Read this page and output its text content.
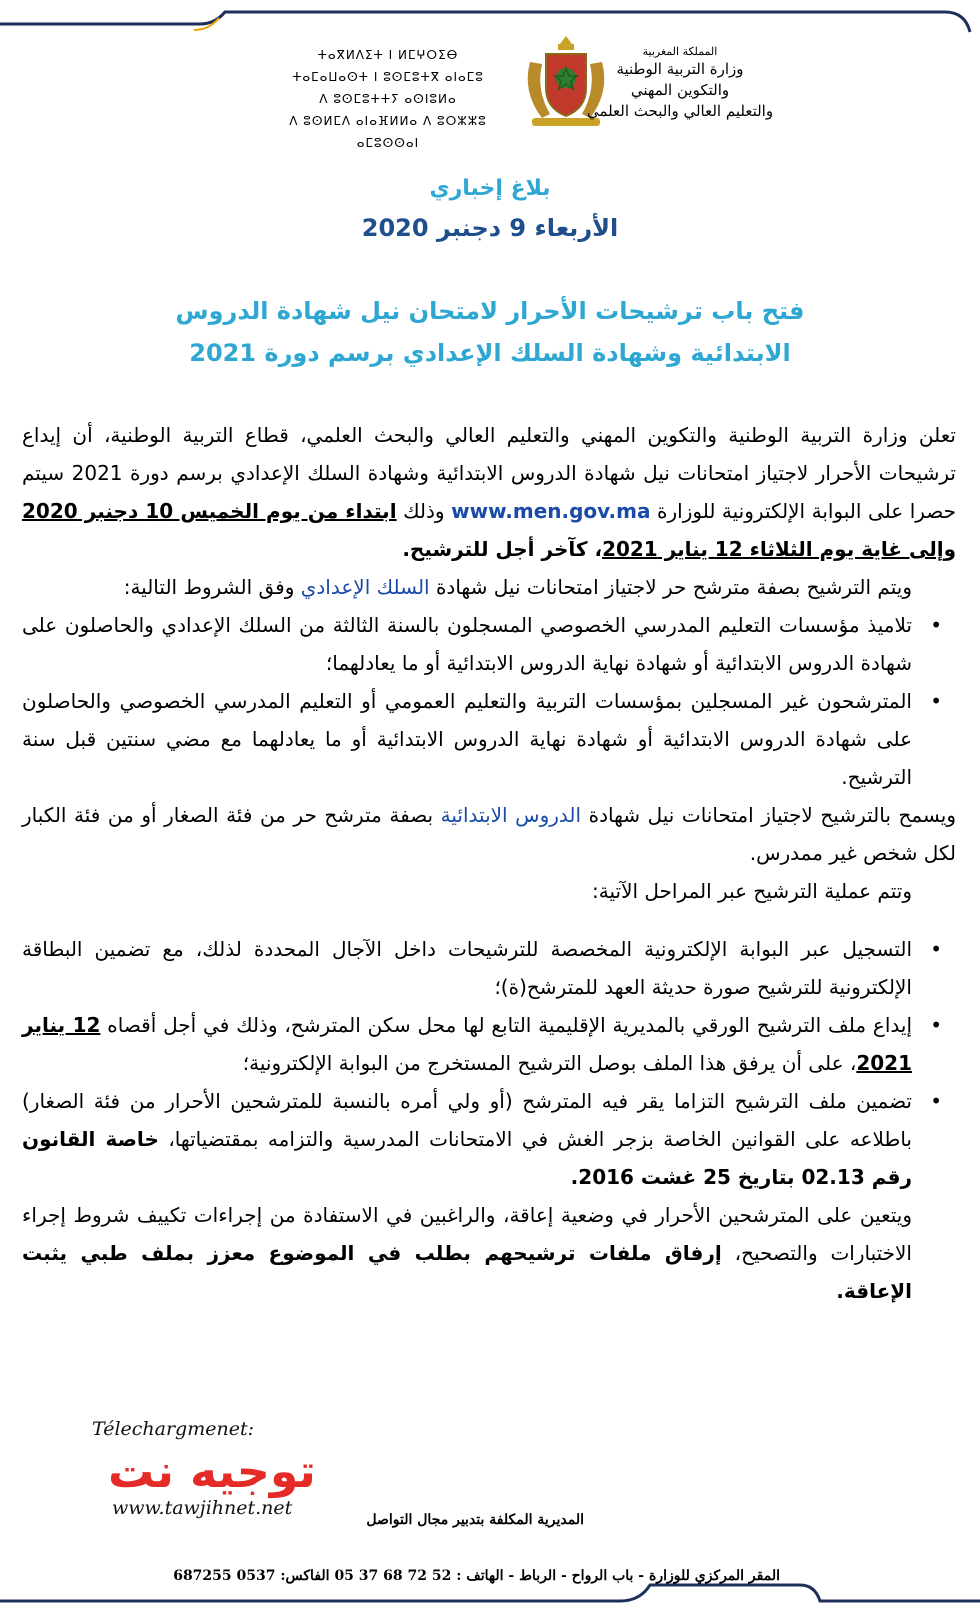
ⵜⴰⴳⵍⴷⵉⵜ ⵏ ⵍⵎⵖⵔⵉⴱ
ⵜⴰⵎⴰⵡⴰⵙⵜ ⵏ ⵓⵙⵎⵓⵜⴳ ⴰⵏⴰⵎⵓ
ⴷ ⵓⵙⵎⵓⵜⵜⵢ ⴰⵙⵏⵓⵍⴰ
ⴷ ⵓⵙⵍⵎⴷ ⴰⵏⴰⴼⵍⵍⴰ ⴷ ⵓⵔⵣⵣⵓ ⴰⵎⵓⵙⵙⴰⵏ
المملكة المغربية
وزارة التربية الوطنية
والتكوين المهني
والتعليم العالي والبحث العلمي
بلاغ إخباري
الأربعاء 9 دجنبر 2020
فتح باب ترشيحات الأحرار لامتحان نيل شهادة الدروس
الابتدائية وشهادة السلك الإعدادي برسم دورة 2021

تعلن وزارة التربية الوطنية والتكوين المهني والتعليم العالي والبحث العلمي، قطاع التربية الوطنية، أن إيداع ترشيحات الأحرار لاجتياز امتحانات نيل شهادة الدروس الابتدائية وشهادة السلك الإعدادي برسم دورة 2021 سيتم حصرا على البوابة الإلكترونية للوزارة www.men.gov.ma وذلك ابتداء من يوم الخميس 10 دجنبر 2020 وإلى غاية يوم الثلاثاء 12 يناير 2021، كآخر أجل للترشيح.

ويتم الترشيح بصفة مترشح حر لاجتياز امتحانات نيل شهادة السلك الإعدادي وفق الشروط التالية:

• تلاميذ مؤسسات التعليم المدرسي الخصوصي المسجلون بالسنة الثالثة من السلك الإعدادي والحاصلون على شهادة الدروس الابتدائية أو شهادة نهاية الدروس الابتدائية أو ما يعادلهما؛
• المترشحون غير المسجلين بمؤسسات التربية والتعليم العمومي أو التعليم المدرسي الخصوصي والحاصلون على شهادة الدروس الابتدائية أو شهادة نهاية الدروس الابتدائية أو ما يعادلهما مع مضي سنتين قبل سنة الترشيح.

ويسمح بالترشيح لاجتياز امتحانات نيل شهادة الدروس الابتدائية بصفة مترشح حر من فئة الصغار أو من فئة الكبار لكل شخص غير ممدرس.

وتتم عملية الترشيح عبر المراحل الآتية:

• التسجيل عبر البوابة الإلكترونية المخصصة للترشيحات داخل الآجال المحددة لذلك، مع تضمين البطاقة الإلكترونية للترشيح صورة حديثة العهد للمترشح(ة)؛
• إيداع ملف الترشيح الورقي بالمديرية الإقليمية التابع لها محل سكن المترشح، وذلك في أجل أقصاه 12 يناير 2021، على أن يرفق هذا الملف بوصل الترشيح المستخرج من البوابة الإلكترونية؛
• تضمين ملف الترشيح التزاما يقر فيه المترشح (أو ولي أمره بالنسبة للمترشحين الأحرار من فئة الصغار) باطلاعه على القوانين الخاصة بزجر الغش في الامتحانات المدرسية والتزامه بمقتضياتها، خاصة القانون رقم 02.13 بتاريخ 25 غشت 2016.

ويتعين على المترشحين الأحرار في وضعية إعاقة، والراغبين في الاستفادة من إجراءات تكييف شروط إجراء الاختبارات والتصحيح، إرفاق ملفات ترشيحهم بطلب في الموضوع معزز بملف طبي يثبت الإعاقة.

Télechargmenet:
توجيه نت
www.tawjihnet.net
المديرية المكلفة بتدبير مجال التواصل
المقر المركزي للوزارة - باب الرواح - الرباط - الهاتف : 52 72 68 37 05 الفاكس: 0537 687255
